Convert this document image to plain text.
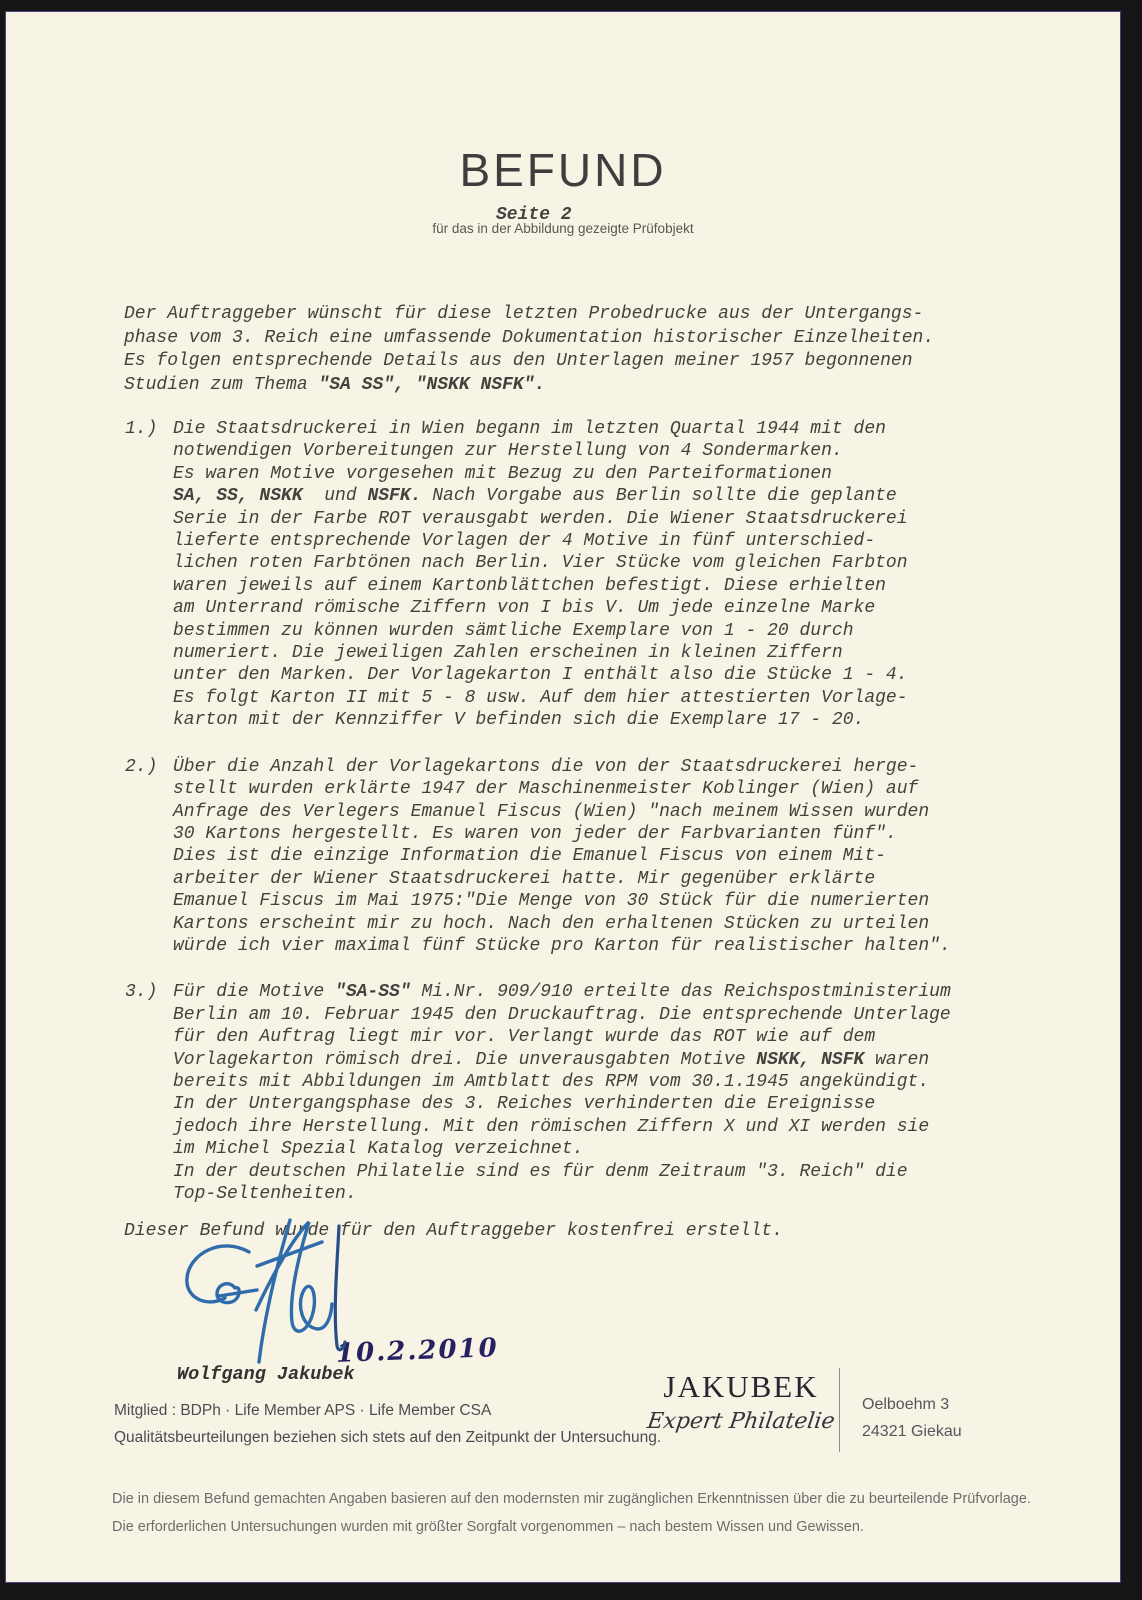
BEFUND
Seite 2
für das in der Abbildung gezeigte Prüfobjekt
Der Auftraggeber wünscht für diese letzten Probedrucke aus der Untergangs-
phase vom 3. Reich eine umfassende Dokumentation historischer Einzelheiten.
Es folgen entsprechende Details aus den Unterlagen meiner 1957 begonnenen
Studien zum Thema "SA SS", "NSKK NSFK".
1.) Die Staatsdruckerei in Wien begann im letzten Quartal 1944 mit den
notwendigen Vorbereitungen zur Herstellung von 4 Sondermarken.
Es waren Motive vorgesehen mit Bezug zu den Parteiformationen
SA, SS, NSKK  und NSFK. Nach Vorgabe aus Berlin sollte die geplante
Serie in der Farbe ROT verausgabt werden. Die Wiener Staatsdruckerei
lieferte entsprechende Vorlagen der 4 Motive in fünf unterschied-
lichen roten Farbtönen nach Berlin. Vier Stücke vom gleichen Farbton
waren jeweils auf einem Kartonblättchen befestigt. Diese erhielten
am Unterrand römische Ziffern von I bis V. Um jede einzelne Marke
bestimmen zu können wurden sämtliche Exemplare von 1 - 20 durch
numeriert. Die jeweiligen Zahlen erscheinen in kleinen Ziffern
unter den Marken. Der Vorlagekarton I enthält also die Stücke 1 - 4.
Es folgt Karton II mit 5 - 8 usw. Auf dem hier attestierten Vorlage-
karton mit der Kennziffer V befinden sich die Exemplare 17 - 20.
2.) Über die Anzahl der Vorlagekartons die von der Staatsdruckerei herge-
stellt wurden erklärte 1947 der Maschinenmeister Koblinger (Wien) auf
Anfrage des Verlegers Emanuel Fiscus (Wien) "nach meinem Wissen wurden
30 Kartons hergestellt. Es waren von jeder der Farbvarianten fünf".
Dies ist die einzige Information die Emanuel Fiscus von einem Mit-
arbeiter der Wiener Staatsdruckerei hatte. Mir gegenüber erklärte
Emanuel Fiscus im Mai 1975:"Die Menge von 30 Stück für die numerierten
Kartons erscheint mir zu hoch. Nach den erhaltenen Stücken zu urteilen
würde ich vier maximal fünf Stücke pro Karton für realistischer halten".
3.) Für die Motive "SA-SS" Mi.Nr. 909/910 erteilte das Reichspostministerium
Berlin am 10. Februar 1945 den Druckauftrag. Die entsprechende Unterlage
für den Auftrag liegt mir vor. Verlangt wurde das ROT wie auf dem
Vorlagekarton römisch drei. Die unverausgabten Motive NSKK, NSFK waren
bereits mit Abbildungen im Amtblatt des RPM vom 30.1.1945 angekündigt.
In der Untergangsphase des 3. Reiches verhinderten die Ereignisse
jedoch ihre Herstellung. Mit den römischen Ziffern X und XI werden sie
im Michel Spezial Katalog verzeichnet.
In der deutschen Philatelie sind es für denm Zeitraum "3. Reich" die
Top-Seltenheiten.
Dieser Befund wurde für den Auftraggeber kostenfrei erstellt.
10.2.2010
Wolfgang Jakubek
Mitglied : BDPh · Life Member APS · Life Member CSA
Qualitätsbeurteilungen beziehen sich stets auf den Zeitpunkt der Untersuchung.
JAKUBEK
Expert Philatelie
Oelboehm 3
24321 Giekau
Die in diesem Befund gemachten Angaben basieren auf den modernsten mir zugänglichen Erkenntnissen über die zu beurteilende Prüfvorlage.
Die erforderlichen Untersuchungen wurden mit größter Sorgfalt vorgenommen – nach bestem Wissen und Gewissen.
